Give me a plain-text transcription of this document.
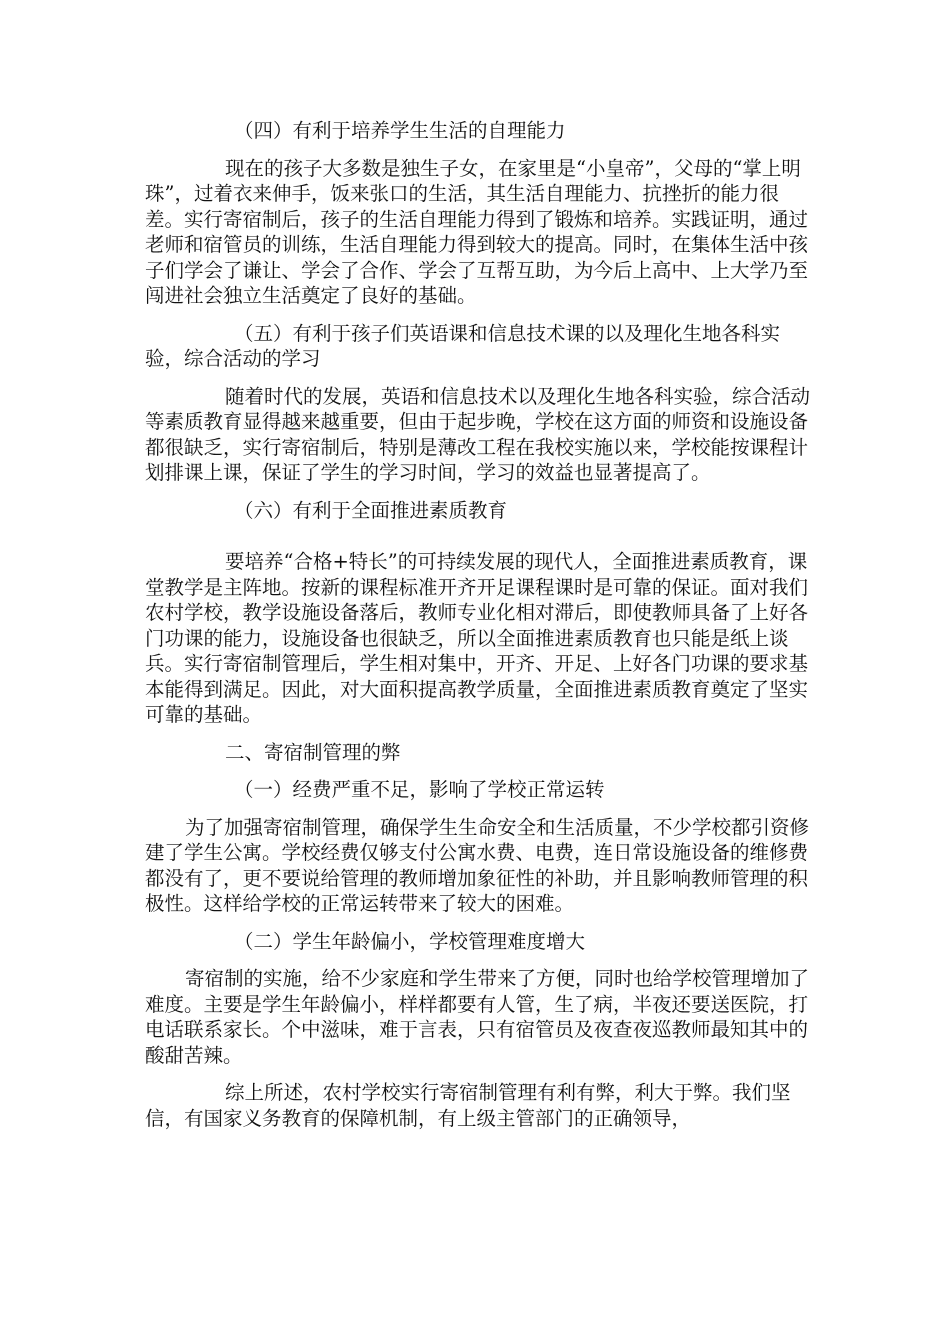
（四）有利于培养学生生活的自理能力

现在的孩子大多数是独生子女，在家里是“小皇帝”，父母的“掌上明珠”，过着衣来伸手，饭来张口的生活，其生活自理能力、抗挫折的能力很差。实行寄宿制后，孩子的生活自理能力得到了锻炼和培养。实践证明，通过老师和宿管员的训练，生活自理能力得到较大的提高。同时，在集体生活中孩子们学会了谦让、学会了合作、学会了互帮互助，为今后上高中、上大学乃至闯进社会独立生活奠定了良好的基础。

（五）有利于孩子们英语课和信息技术课的以及理化生地各科实验，综合活动的学习

随着时代的发展，英语和信息技术以及理化生地各科实验，综合活动等素质教育显得越来越重要，但由于起步晚，学校在这方面的师资和设施设备都很缺乏，实行寄宿制后，特别是薄改工程在我校实施以来，学校能按课程计划排课上课，保证了学生的学习时间，学习的效益也显著提高了。

（六）有利于全面推进素质教育

要培养“合格+特长”的可持续发展的现代人，全面推进素质教育，课堂教学是主阵地。按新的课程标准开齐开足课程课时是可靠的保证。面对我们农村学校，教学设施设备落后，教师专业化相对滞后，即使教师具备了上好各门功课的能力，设施设备也很缺乏，所以全面推进素质教育也只能是纸上谈兵。实行寄宿制管理后，学生相对集中，开齐、开足、上好各门功课的要求基本能得到满足。因此，对大面积提高教学质量，全面推进素质教育奠定了坚实可靠的基础。

二、寄宿制管理的弊

（一）经费严重不足，影响了学校正常运转

为了加强寄宿制管理，确保学生生命安全和生活质量，不少学校都引资修建了学生公寓。学校经费仅够支付公寓水费、电费，连日常设施设备的维修费都没有了，更不要说给管理的教师增加象征性的补助，并且影响教师管理的积极性。这样给学校的正常运转带来了较大的困难。

（二）学生年龄偏小，学校管理难度增大

寄宿制的实施，给不少家庭和学生带来了方便，同时也给学校管理增加了难度。主要是学生年龄偏小，样样都要有人管，生了病，半夜还要送医院，打电话联系家长。个中滋味，难于言表，只有宿管员及夜查夜巡教师最知其中的酸甜苦辣。

综上所述，农村学校实行寄宿制管理有利有弊，利大于弊。我们坚信，有国家义务教育的保障机制，有上级主管部门的正确领导，
